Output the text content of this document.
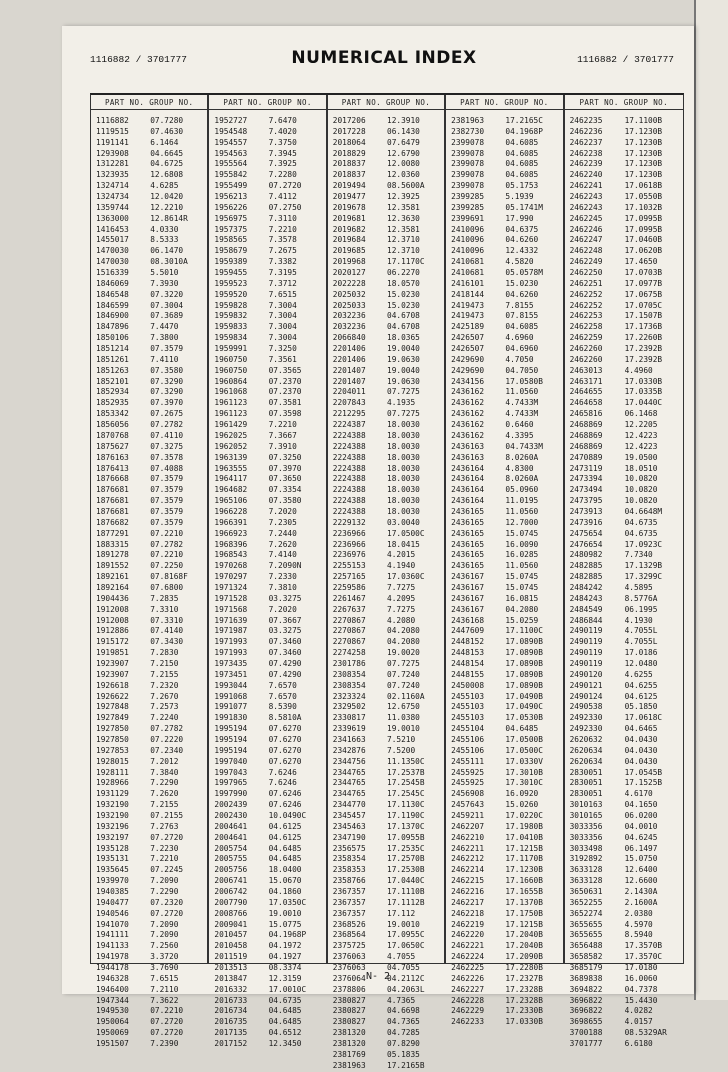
1116882 / 3701777	NUMERICAL INDEX	1116882 / 3701777
PART NO. GROUP NO.
1116882	07.7280
1119515	07.4630
1191141	6.1464
1293908	04.6645
1312281	04.6725
1323935	12.6808
1324714	4.6285
1324734	12.0420
1359744	12.2210
1363000	12.8614R
1416453	4.0330
1455017	8.5333
1470030	06.1470
1470030	08.3010A
1516339	5.5010
1846069	7.3930
1846548	07.3220
1846599	07.3004
1846900	07.3689
1847896	7.4470
1850106	7.3800
1851214	07.3579
1851261	7.4110
1851263	07.3580
1852101	07.3290
1852934	07.3290
1852935	07.3970
1853342	07.2675
1856056	07.2782
1870768	07.4110
1875627	07.3275
1876163	07.3578
1876413	07.4088
1876668	07.3579
1876681	07.3579
1876681	07.3579
1876681	07.3579
1876682	07.3579
1877291	07.2210
1883315	07.2782
1891278	07.2210
1891552	07.2250
1892161	07.8168F
1892164	07.6800
1904436	7.2835
1912008	7.3310
1912008	07.3310
1912886	07.4140
1915172	07.3430
1919851	7.2830
1923907	7.2150
1923907	7.2155
1926618	7.2320
1926622	7.2670
1927848	7.2573
1927849	7.2240
1927850	07.2782
1927850	07.2220
1927853	07.2340
1928015	7.2012
1928111	7.3840
1928966	7.2290
1931129	7.2620
1932190	7.2155
1932190	07.2155
1932196	7.2763
1932197	07.2720
1935128	7.2230
1935131	7.2210
1935645	07.2245
1939970	7.2090
1940385	7.2290
1940477	07.2320
1940546	07.2720
1941070	7.2090
1941111	7.2090
1941133	7.2560
1941978	3.3720
1944178	3.7690
1946328	7.6515
1946400	7.2110
1947344	7.3622
1949530	07.2210
1950064	07.2720
1950069	07.2720
1951507	7.2390
PART NO. GROUP NO.
1952727	7.6470
1954548	7.4020
1954557	7.3750
1954563	7.3945
1955564	7.3925
1955842	7.2280
1955499	07.2720
1956213	7.4112
1956226	07.2750
1956975	7.3110
1957375	7.2210
1958565	7.3578
1958679	7.2675
1959389	7.3382
1959455	7.3195
1959523	7.3712
1959520	7.6515
1959828	7.3004
1959832	7.3004
1959833	7.3004
1959834	7.3004
1959991	7.3250
1960750	7.3561
1960750	07.3565
1960864	07.2370
1961068	07.2370
1961123	07.3581
1961123	07.3598
1961429	7.2210
1962025	7.3667
1962052	7.3910
1963139	07.3250
1963555	07.3970
1964117	07.3650
1964682	07.3354
1965106	07.3580
1966228	7.2020
1966391	7.2305
1966923	7.2440
1968396	7.2620
1968543	7.4140
1970268	7.2090N
1970297	7.2330
1971324	7.3810
1971528	03.3275
1971568	7.2020
1971639	07.3667
1971987	03.3275
1971993	07.3460
1971993	07.3460
1973435	07.4290
1973451	07.4290
1993044	7.6570
1991068	7.6570
1991077	8.5390
1991830	8.5810A
1995194	07.6270
1995194	07.6270
1995194	07.6270
1997040	07.6270
1997043	7.6246
1997965	7.6246
1997990	07.6246
2002439	07.6246
2002430	10.0490C
2004641	04.6125
2004641	04.6125
2005754	04.6485
2005755	04.6485
2005756	18.0400
2006741	15.0670
2006742	04.1860
2007790	17.0350C
2008766	19.0010
2009041	15.0775
2010457	04.1968P
2010458	04.1972
2011519	04.1927
2013513	08.3374
2013847	12.3159
2016332	17.0010C
2016733	04.6735
2016734	04.6485
2016735	04.6485
2017135	04.6512
2017152	12.3450
PART NO. GROUP NO.
2017206	12.3910
2017228	06.1430
2018064	07.6479
2018829	12.6790
2018837	12.0080
2018837	12.0360
2019494	08.5600A
2019477	12.3925
2019678	12.3581
2019681	12.3630
2019682	12.3581
2019684	12.3710
2019685	12.3710
2019968	17.1170C
2020127	06.2270
2022228	18.0570
2025032	15.0230
2025033	15.0230
2032236	04.6708
2032236	04.6708
2066840	18.0365
2201406	19.0040
2201406	19.0630
2201407	19.0040
2201407	19.0630
2204011	07.7275
2207843	4.1935
2212295	07.7275
2224387	18.0030
2224388	18.0030
2224388	18.0030
2224388	18.0030
2224388	18.0030
2224388	18.0030
2224388	18.0030
2224388	18.0030
2224388	18.0030
2229132	03.0040
2236966	17.0500C
2236966	18.0415
2236976	4.2015
2255153	4.1940
2257165	17.0360C
2259586	7.7275
2261467	4.2095
2267637	7.7275
2270867	4.2080
2270867	04.2080
2270867	04.2080
2274258	19.0020
2301786	07.7275
2308354	07.7240
2308354	07.7240
2323324	02.1160A
2329502	12.6750
2330817	11.0380
2339619	19.0010
2341663	7.5210
2342876	7.5200
2344756	11.1350C
2344765	17.2537B
2344765	17.2545B
2344765	17.2545C
2344770	17.1130C
2345457	17.1190C
2345463	17.1370C
2347190	17.0955B
2356575	17.2535C
2358354	17.2570B
2358353	17.2530B
2358766	17.0440C
2367357	17.1110B
2367357	17.1112B
2367357	17.112
2368526	19.0010
2368564	17.0955C
2375725	17.0650C
2376063	4.7055
2376063	04.7055
2376064	04.2112C
2378806	04.2063L
2380827	4.7365
2380827	04.6698
2380827	04.7365
2381320	04.7285
2381320	07.8290
2381769	05.1835
2381963	17.2165B
PART NO. GROUP NO.
2381963	17.2165C
2382730	04.1968P
2399078	04.6085
2399078	04.6085
2399078	04.6085
2399078	04.6085
2399078	05.1753
2399285	5.1939
2399285	05.1741M
2399691	17.990
2410096	04.6375
2410096	04.6260
2410096	12.4332
2410681	4.5820
2410681	05.0578M
2416101	15.0230
2418144	04.6260
2419473	7.8155
2419473	07.8155
2425189	04.6085
2426507	4.6960
2426507	04.6960
2429690	4.7050
2429690	04.7050
2434156	17.0580B
2436162	11.0560
2436162	4.7433M
2436162	4.7433M
2436162	0.6460
2436162	4.3395
2436163	04.7433M
2436163	8.0260A
2436164	4.8300
2436164	8.0260A
2436164	05.0960
2436164	11.0195
2436165	11.0560
2436165	12.7000
2436165	15.0745
2436165	16.0090
2436165	16.0285
2436165	11.0560
2436167	15.0745
2436167	15.0745
2436167	16.0815
2436167	04.2080
2436168	15.0259
2447609	17.1100C
2448152	17.0890B
2448153	17.0890B
2448154	17.0890B
2448155	17.0890B
2450008	17.0890B
2455103	17.0490B
2455103	17.0490C
2455103	17.0530B
2455104	04.6485
2455106	17.0500B
2455106	17.0500C
2455111	17.0330V
2455925	17.3010B
2455925	17.3010C
2456908	16.0920
2457643	15.0260
2459211	17.0220C
2462207	17.1980B
2462210	17.0410B
2462211	17.1215B
2462212	17.1170B
2462214	17.1230B
2462215	17.1660B
2462216	17.1655B
2462217	17.1370B
2462218	17.1750B
2462219	17.1215B
2462220	17.2040B
2462221	17.2040B
2462224	17.2090B
2462225	17.2280B
2462226	17.2327B
2462227	17.2328B
2462228	17.2328B
2462229	17.2330B
2462233	17.0330B
PART NO. GROUP NO.
2462235	17.1100B
2462236	17.1230B
2462237	17.1230B
2462238	17.1230B
2462239	17.1230B
2462240	17.1230B
2462241	17.0618B
2462243	17.0550B
2462243	17.1032B
2462245	17.0995B
2462246	17.0995B
2462247	17.0460B
2462248	17.0620B
2462249	17.4650
2462250	17.0703B
2462251	17.0977B
2462252	17.0675B
2462252	17.0705C
2462253	17.1507B
2462258	17.1736B
2462259	17.2260B
2462260	17.2392B
2462260	17.2392B
2463013	4.4960
2463171	17.0330B
2464655	17.0335B
2464658	17.0440C
2465816	06.1468
2468869	12.2205
2468869	12.4223
2468869	12.4223
2470889	19.0500
2473119	18.0510
2473394	10.0820
2473494	10.0820
2473795	10.0820
2473913	04.6648M
2473916	04.6735
2475654	04.6735
2476654	17.0923C
2480982	7.7340
2482885	17.1329B
2482885	17.3299C
2484242	4.5895
2484243	8.5776A
2484549	06.1995
2486844	4.1930
2490119	4.7055L
2490119	4.7055L
2490119	17.0186
2490119	12.0480
2490120	4.6255
2490121	04.6255
2490124	04.6125
2490538	05.1850
2492330	17.0618C
2492330	04.6465
2620632	04.0430
2620634	04.0430
2620634	04.0430
2830051	17.0545B
2830051	17.1525B
2830051	4.6170
3010163	04.1650
3010165	06.0200
3033356	04.0010
3033356	04.6245
3033498	06.1497
3192892	15.0750
3633128	12.6400
3633128	12.6600
3650631	2.1430A
3652255	2.1600A
3652274	2.0380
3655655	4.5970
3655655	8.5940
3656488	17.3570B
3658582	17.3570C
3685179	17.0180
3689838	16.0060
3694822	04.7378
3696822	15.4430
3696822	4.0282
3698655	4.0157
3700188	08.5329AR
3701777	6.6180
N- 2
